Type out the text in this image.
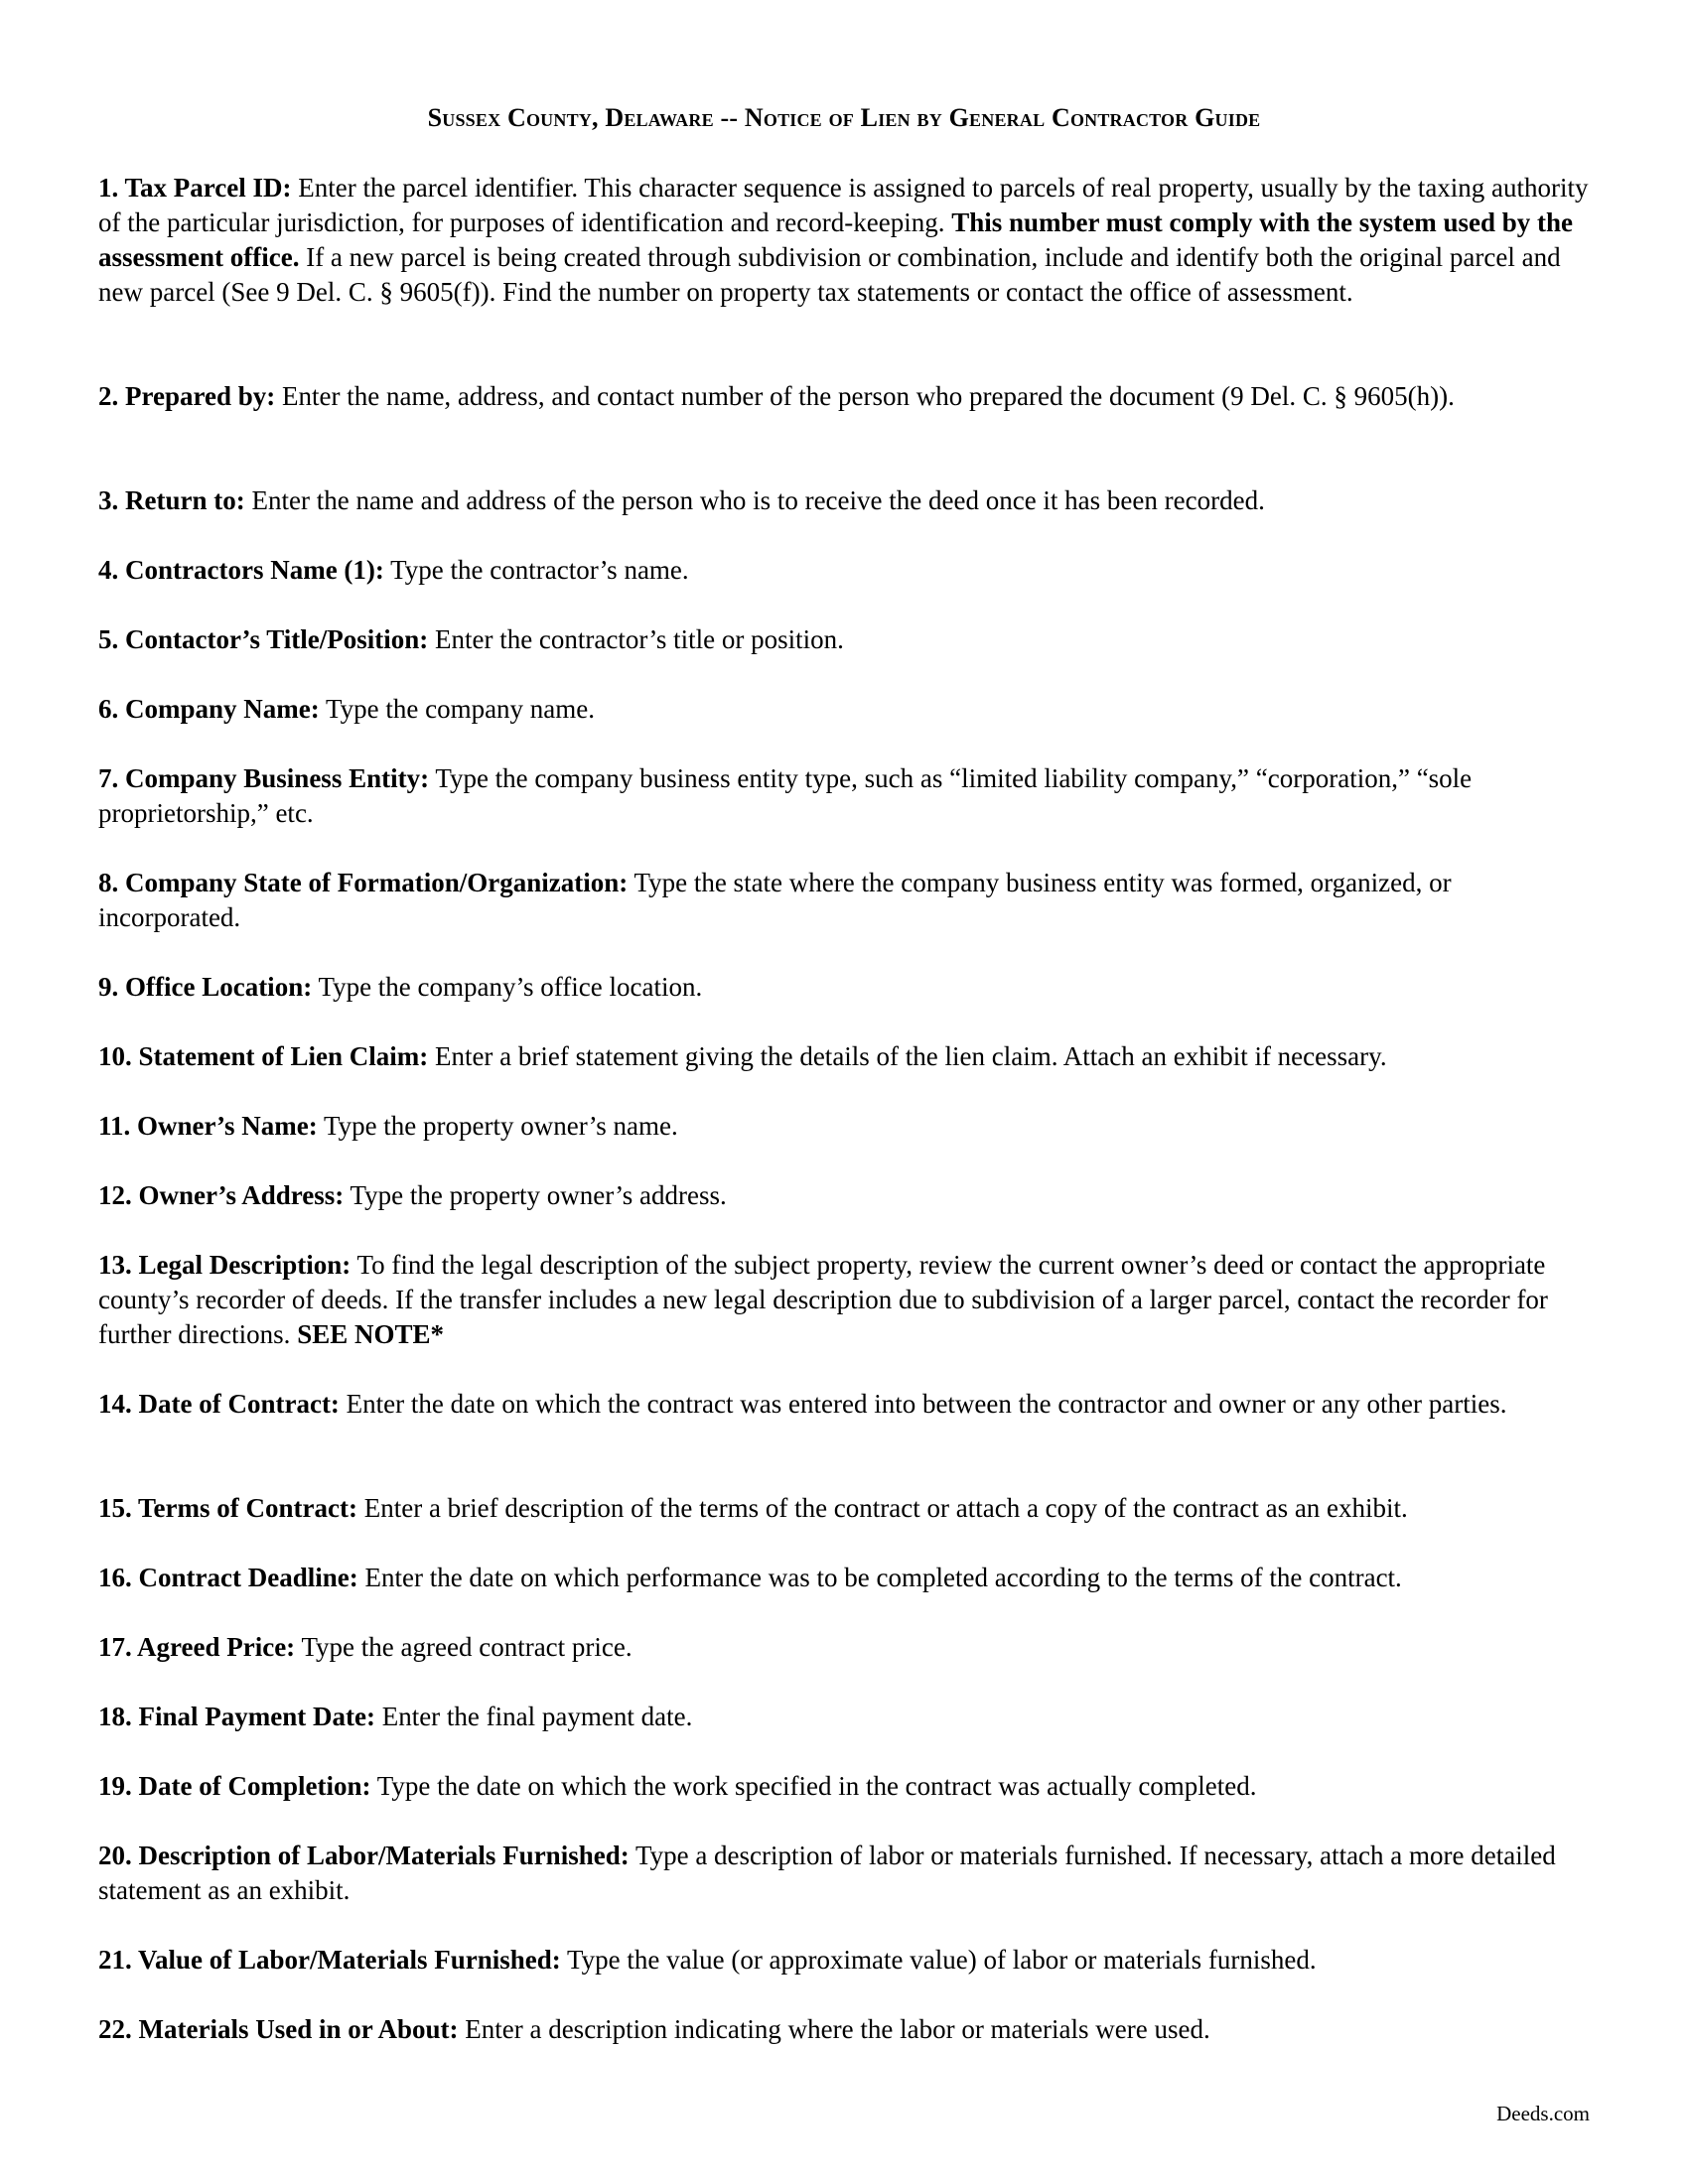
Sussex County, Delaware -- Notice of Lien by General Contractor Guide

1. Tax Parcel ID: Enter the parcel identifier. This character sequence is assigned to parcels of real property, usually by the taxing authority of the particular jurisdiction, for purposes of identification and record-keeping. This number must comply with the system used by the assessment office. If a new parcel is being created through subdivision or combination, include and identify both the original parcel and new parcel (See 9 Del. C. § 9605(f)). Find the number on property tax statements or contact the office of assessment.

2. Prepared by: Enter the name, address, and contact number of the person who prepared the document (9 Del. C. § 9605(h)).

3. Return to: Enter the name and address of the person who is to receive the deed once it has been recorded.

4. Contractors Name (1): Type the contractor’s name.

5. Contactor’s Title/Position: Enter the contractor’s title or position.

6. Company Name: Type the company name.

7. Company Business Entity: Type the company business entity type, such as “limited liability company,” “corporation,” “sole proprietorship,” etc.

8. Company State of Formation/Organization: Type the state where the company business entity was formed, organized, or incorporated.

9. Office Location: Type the company’s office location.

10. Statement of Lien Claim: Enter a brief statement giving the details of the lien claim. Attach an exhibit if necessary.

11. Owner’s Name: Type the property owner’s name.

12. Owner’s Address: Type the property owner’s address.

13. Legal Description: To find the legal description of the subject property, review the current owner’s deed or contact the appropriate county’s recorder of deeds. If the transfer includes a new legal description due to subdivision of a larger parcel, contact the recorder for further directions. SEE NOTE*

14. Date of Contract: Enter the date on which the contract was entered into between the contractor and owner or any other parties.

15. Terms of Contract: Enter a brief description of the terms of the contract or attach a copy of the contract as an exhibit.

16. Contract Deadline: Enter the date on which performance was to be completed according to the terms of the contract.

17. Agreed Price: Type the agreed contract price.

18. Final Payment Date: Enter the final payment date.

19. Date of Completion: Type the date on which the work specified in the contract was actually completed.

20. Description of Labor/Materials Furnished: Type a description of labor or materials furnished. If necessary, attach a more detailed statement as an exhibit.

21. Value of Labor/Materials Furnished: Type the value (or approximate value) of labor or materials furnished.

22. Materials Used in or About: Enter a description indicating where the labor or materials were used.

Deeds.com
